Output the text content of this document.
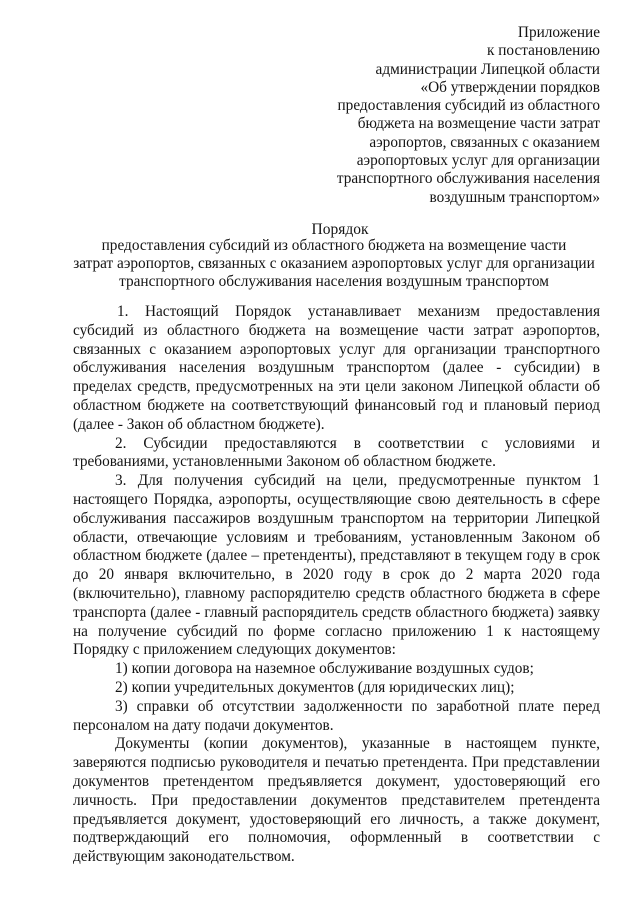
Приложение
к постановлению
администрации Липецкой области
«Об утверждении порядков
предоставления субсидий из областного
бюджета на возмещение части затрат
аэропортов, связанных с оказанием
аэропортовых услуг для организации
транспортного обслуживания населения
воздушным транспортом»
Порядок
предоставления субсидий из областного бюджета на возмещение части
затрат аэропортов, связанных с оказанием аэропортовых услуг для организации
транспортного обслуживания населения воздушным транспортом

1. Настоящий Порядок устанавливает механизм предоставления субсидий из областного бюджета на возмещение части затрат аэропортов, связанных с оказанием аэропортовых услуг для организации транспортного обслуживания населения воздушным транспортом (далее - субсидии) в пределах средств, предусмотренных на эти цели законом Липецкой области об областном бюджете на соответствующий финансовый год и плановый период (далее - Закон об областном бюджете).

2. Субсидии предоставляются в соответствии с условиями и требованиями, установленными Законом об областном бюджете.

3. Для получения субсидий на цели, предусмотренные пунктом 1 настоящего Порядка, аэропорты, осуществляющие свою деятельность в сфере обслуживания пассажиров воздушным транспортом на территории Липецкой области, отвечающие условиям и требованиям, установленным Законом об областном бюджете (далее – претенденты), представляют в текущем году в срок до 20 января включительно, в 2020 году в срок до 2 марта 2020 года (включительно), главному распорядителю средств областного бюджета в сфере транспорта (далее - главный распорядитель средств областного бюджета) заявку на получение субсидий по форме согласно приложению 1 к настоящему Порядку с приложением следующих документов:

1) копии договора на наземное обслуживание воздушных судов;

2) копии учредительных документов (для юридических лиц);

3) справки об отсутствии задолженности по заработной плате перед персоналом на дату подачи документов.

Документы (копии документов), указанные в настоящем пункте, заверяются подписью руководителя и печатью претендента. При представлении документов претендентом предъявляется документ, удостоверяющий его личность. При предоставлении документов представителем претендента предъявляется документ, удостоверяющий его личность, а также документ, подтверждающий его полномочия, оформленный в соответствии с действующим законодательством.
